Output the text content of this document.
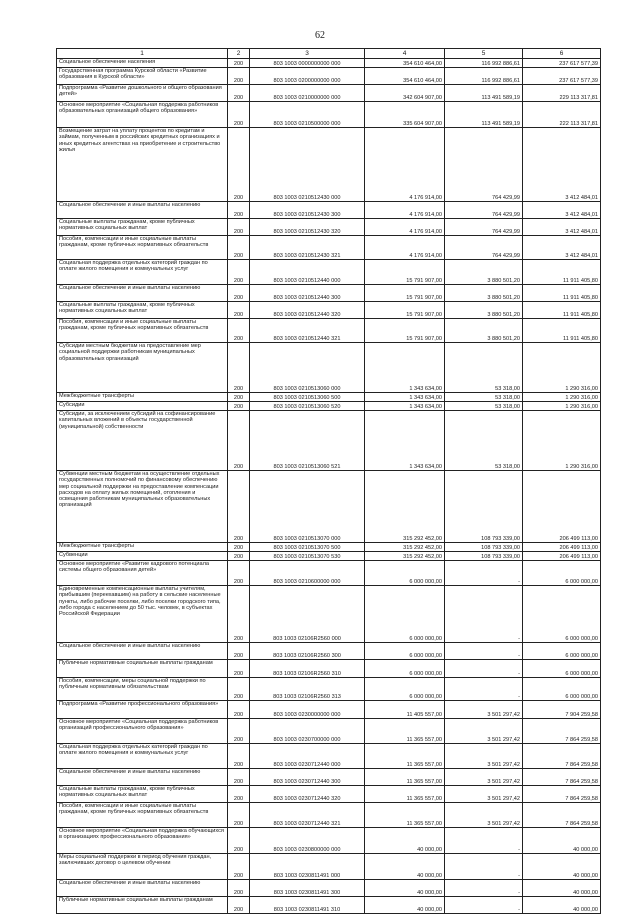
62
1	2	3	4	5	6
Социальное обеспечение населения	200	803 1003 0000000000 000	354 610 464,00	116 992 886,61	237 617 577,39
Государственная программа Курской области «Развитие образования в Курской области»	200	803 1003 0200000000 000	354 610 464,00	116 992 886,61	237 617 577,39
Подпрограмма «Развитие дошкольного и общего образования детей»	200	803 1003 0210000000 000	342 604 907,00	113 491 589,19	229 113 317,81
Основное мероприятие «Социальная поддержка работников образовательных организаций общего образования»	200	803 1003 0210500000 000	335 604 907,00	113 491 589,19	222 113 317,81
Возмещение затрат на уплату процентов по кредитам и займам, полученным в российских кредитных организациях и иных кредитных агентствах на приобретение и строительство жилья	200	803 1003 0210512430 000	4 176 914,00	764 429,99	3 412 484,01
Социальное обеспечение и иные выплаты населению	200	803 1003 0210512430 300	4 176 914,00	764 429,99	3 412 484,01
Социальные выплаты гражданам, кроме публичных нормативных социальных выплат	200	803 1003 0210512430 320	4 176 914,00	764 429,99	3 412 484,01
Пособия, компенсации и иные социальные выплаты гражданам, кроме публичных нормативных обязательств	200	803 1003 0210512430 321	4 176 914,00	764 429,99	3 412 484,01
Социальная поддержка отдельных категорий граждан по оплате жилого помещения и коммунальных услуг	200	803 1003 0210512440 000	15 791 907,00	3 880 501,20	11 911 405,80
Социальное обеспечение и иные выплаты населению	200	803 1003 0210512440 300	15 791 907,00	3 880 501,20	11 911 405,80
Социальные выплаты гражданам, кроме публичных нормативных социальных выплат	200	803 1003 0210512440 320	15 791 907,00	3 880 501,20	11 911 405,80
Пособия, компенсации и иные социальные выплаты гражданам, кроме публичных нормативных обязательств	200	803 1003 0210512440 321	15 791 907,00	3 880 501,20	11 911 405,80
Субсидии местным бюджетам на предоставление мер социальной поддержки работникам муниципальных образовательных организаций	200	803 1003 0210513060 000	1 343 634,00	53 318,00	1 290 316,00
Межбюджетные трансферты	200	803 1003 0210513060 500	1 343 634,00	53 318,00	1 290 316,00
Субсидии	200	803 1003 0210513060 520	1 343 634,00	53 318,00	1 290 316,00
Субсидии, за исключением субсидий на софинансирование капитальных вложений в объекты государственной (муниципальной) собственности	200	803 1003 0210513060 521	1 343 634,00	53 318,00	1 290 316,00
Субвенции местным бюджетам на осуществление отдельных государственных полномочий по финансовому обеспечению мер социальной поддержки на предоставление компенсации расходов на оплату жилых помещений, отопления и освещения работникам муниципальных образовательных организаций	200	803 1003 0210513070 000	315 292 452,00	108 793 339,00	206 499 113,00
Межбюджетные трансферты	200	803 1003 0210513070 500	315 292 452,00	108 793 339,00	206 499 113,00
Субвенции	200	803 1003 0210513070 530	315 292 452,00	108 793 339,00	206 499 113,00
Основное мероприятие «Развитие кадрового потенциала системы общего образования детей»	200	803 1003 0210600000 000	6 000 000,00	-	6 000 000,00
Единовременные компенсационные выплаты учителям, прибывшим (переехавшим) на работу в сельские населенные пункты, либо рабочие поселки, либо поселки городского типа, либо города с населением до 50 тыс. человек, в субъектах Российской Федерации	200	803 1003 02106R2560 000	6 000 000,00	-	6 000 000,00
Социальное обеспечение и иные выплаты населению	200	803 1003 02106R2560 300	6 000 000,00	-	6 000 000,00
Публичные нормативные социальные выплаты гражданам	200	803 1003 02106R2560 310	6 000 000,00	-	6 000 000,00
Пособия, компенсации, меры социальной поддержки по публичным нормативным обязательствам	200	803 1003 02106R2560 313	6 000 000,00	-	6 000 000,00
Подпрограмма «Развитие профессионального образования»	200	803 1003 0230000000 000	11 405 557,00	3 501 297,42	7 904 259,58
Основное мероприятие «Социальная поддержка работников организаций профессионального образования»	200	803 1003 0230700000 000	11 365 557,00	3 501 297,42	7 864 259,58
Социальная поддержка отдельных категорий граждан по оплате жилого помещения и коммунальных услуг	200	803 1003 0230712440 000	11 365 557,00	3 501 297,42	7 864 259,58
Социальное обеспечение и иные выплаты населению	200	803 1003 0230712440 300	11 365 557,00	3 501 297,42	7 864 259,58
Социальные выплаты гражданам, кроме публичных нормативных социальных выплат	200	803 1003 0230712440 320	11 365 557,00	3 501 297,42	7 864 259,58
Пособия, компенсации и иные социальные выплаты гражданам, кроме публичных нормативных обязательств	200	803 1003 0230712440 321	11 365 557,00	3 501 297,42	7 864 259,58
Основное мероприятие «Социальная поддержка обучающихся в организациях профессионального образования»	200	803 1003 0230800000 000	40 000,00	-	40 000,00
Меры социальной поддержки в период обучения граждан, заключивших договор о целевом обучении	200	803 1003 0230811491 000	40 000,00	-	40 000,00
Социальное обеспечение и иные выплаты населению	200	803 1003 0230811491 300	40 000,00	-	40 000,00
Публичные нормативные социальные выплаты гражданам	200	803 1003 0230811491 310	40 000,00	-	40 000,00
